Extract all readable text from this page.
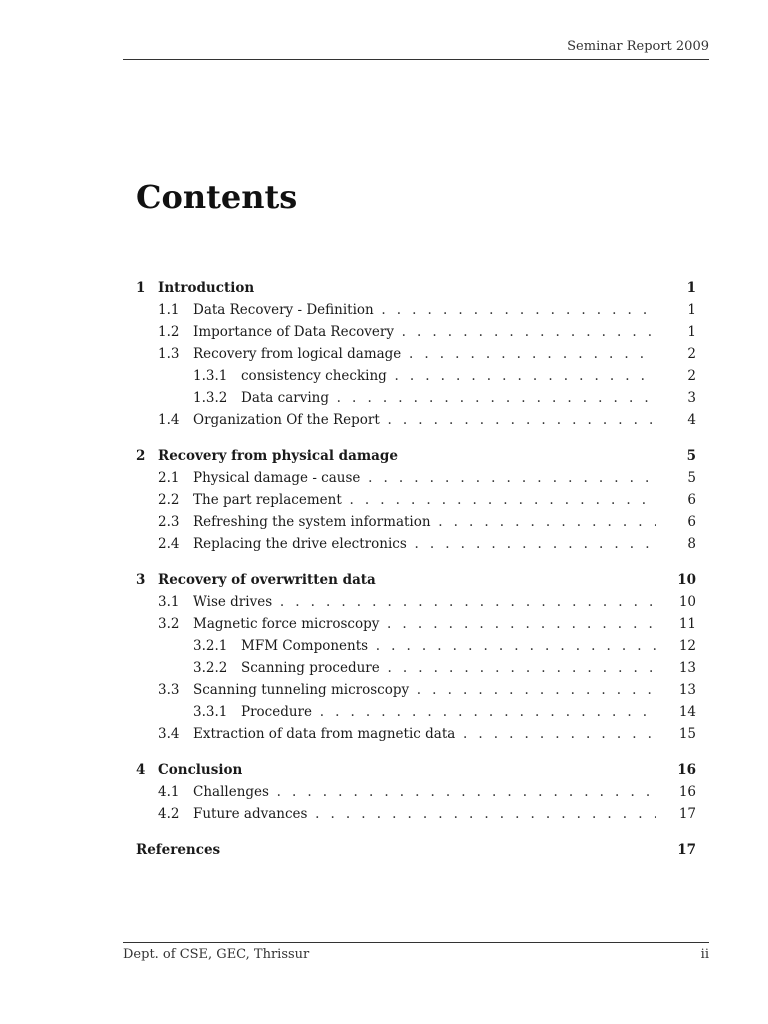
Seminar Report 2009
Contents
1 Introduction	1
1.1 Data Recovery - Definition . . .	1
1.2 Importance of Data Recovery . . .	1
1.3 Recovery from logical damage . . .	2
1.3.1 consistency checking . . .	2
1.3.2 Data carving . . .	3
1.4 Organization Of the Report . . .	4
2 Recovery from physical damage	5
2.1 Physical damage - cause . . .	5
2.2 The part replacement . . .	6
2.3 Refreshing the system information . . .	6
2.4 Replacing the drive electronics . . .	8
3 Recovery of overwritten data	10
3.1 Wise drives . . .	10
3.2 Magnetic force microscopy . . .	11
3.2.1 MFM Components . . .	12
3.2.2 Scanning procedure . . .	13
3.3 Scanning tunneling microscopy . . .	13
3.3.1 Procedure . . .	14
3.4 Extraction of data from magnetic data . . .	15
4 Conclusion	16
4.1 Challenges . . .	16
4.2 Future advances . . .	17
References	17
Dept. of CSE, GEC, Thrissur	ii
